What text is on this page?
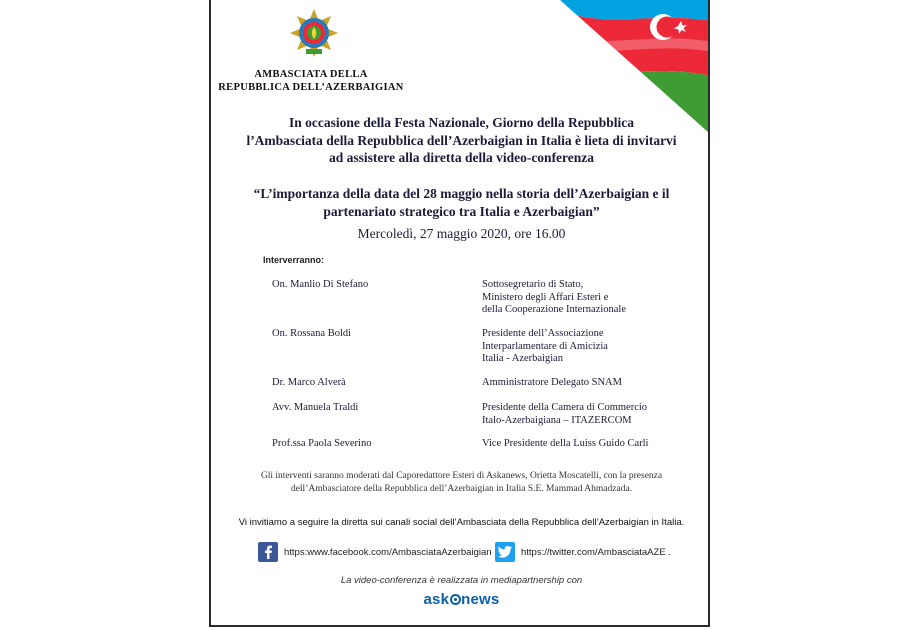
AMBASCIATA DELLA
REPUBBLICA DELL’AZERBAIGIAN
In occasione della Festa Nazionale, Giorno della Repubblica
l’Ambasciata della Repubblica dell’Azerbaigian in Italia è lieta di invitarvi
ad assistere alla diretta della video-conferenza
“L’importanza della data del 28 maggio nella storia dell’Azerbaigian e il
partenariato strategico tra Italia e Azerbaigian”
Mercoledì, 27 maggio 2020, ore 16.00
Interverranno:
On. Manlio Di Stefano	Sottosegretario di Stato,
Ministero degli Affari Esteri e
della Cooperazione Internazionale
On. Rossana Boldi	Presidente dell’Associazione
Interparlamentare di Amicizia
Italia - Azerbaigian
Dr. Marco Alverà	Amministratore Delegato SNAM
Avv. Manuela Traldi	Presidente della Camera di Commercio
Italo-Azerbaigiana – ITAZERCOM
Prof.ssa Paola Severino	Vice Presidente della Luiss Guido Carli
Gli interventi saranno moderati dal Caporedattore Esteri di Askanews, Orietta Moscatelli, con la presenza
dell’Ambasciatore della Repubblica dell’Azerbaigian in Italia S.E. Mammad Ahmadzada.
Vi invitiamo a seguire la diretta sui canali social dell’Ambasciata della Repubblica dell’Azerbaigian in Italia.
https:www.facebook.com/AmbasciataAzerbaigian	https://twitter.com/AmbasciataAZE .
La video-conferenza è realizzata in mediapartnership con
ask news
